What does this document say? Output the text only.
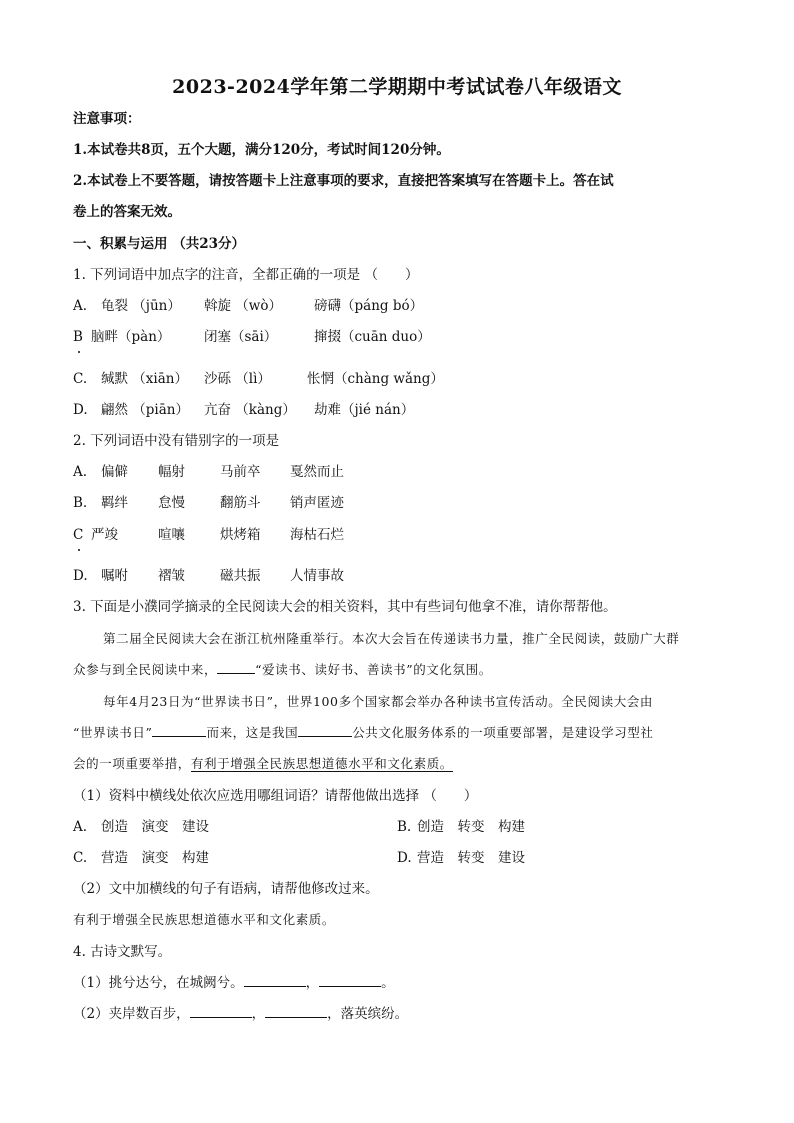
2023-2024学年第二学期期中考试试卷八年级语文
注意事项：
1.本试卷共8页，五个大题，满分120分，考试时间120分钟。
2.本试卷上不要答题，请按答题卡上注意事项的要求，直接把答案填写在答题卡上。答在试
卷上的答案无效。
一、积累与运用 （共23分）
1. 下列词语中加点字的注音，全都正确的一项是 （　　）
A. 龟裂 （jūn） 斡旋 （wò） 磅礴（páng bó）
B 脑畔（pàn） 闭塞（sāi）	撺掇（cuān duo）
C. 缄默 （xiān） 沙砾 （lì）	怅惘（chàng wǎng）
D. 翩然 （piān） 亢奋 （kàng） 劫难（jié nán）
2. 下列词语中没有错别字的一项是
A. 偏僻 幅射	马前卒 戛然而止
B. 羁绊 怠慢	翻筋斗 销声匿迹
C 严竣	喧嚷	烘烤箱 海枯石烂
D. 嘱咐 褶皱	磁共振 人情事故
3. 下面是小濮同学摘录的全民阅读大会的相关资料，其中有些词句他拿不准，请你帮帮他。
第二届全民阅读大会在浙江杭州隆重举行。本次大会旨在传递读书力量，推广全民阅读，鼓励广大群
众参与到全民阅读中来，	“爱读书、读好书、善读书”的文化氛围。
每年4月23日为“世界读书日”，世界100多个国家都会举办各种读书宣传活动。全民阅读大会由
“世界读书日”	而来，这是我国	公共文化服务体系的一项重要部署，是建设学习型社
会的一项重要举措，有利于增强全民族思想道德水平和文化素质。
（1）资料中横线处依次应选用哪组词语？请帮他做出选择 （　　）
A. 创造　演变　建设	B. 创造　转变　构建
C. 营造　演变　构建	D. 营造　转变　建设
（2）文中加横线的句子有语病，请帮他修改过来。
有利于增强全民族思想道德水平和文化素质。
4. 古诗文默写。
（1）挑兮达兮，在城阙兮。	，	。
（2）夹岸数百步，	，	，落英缤纷。
